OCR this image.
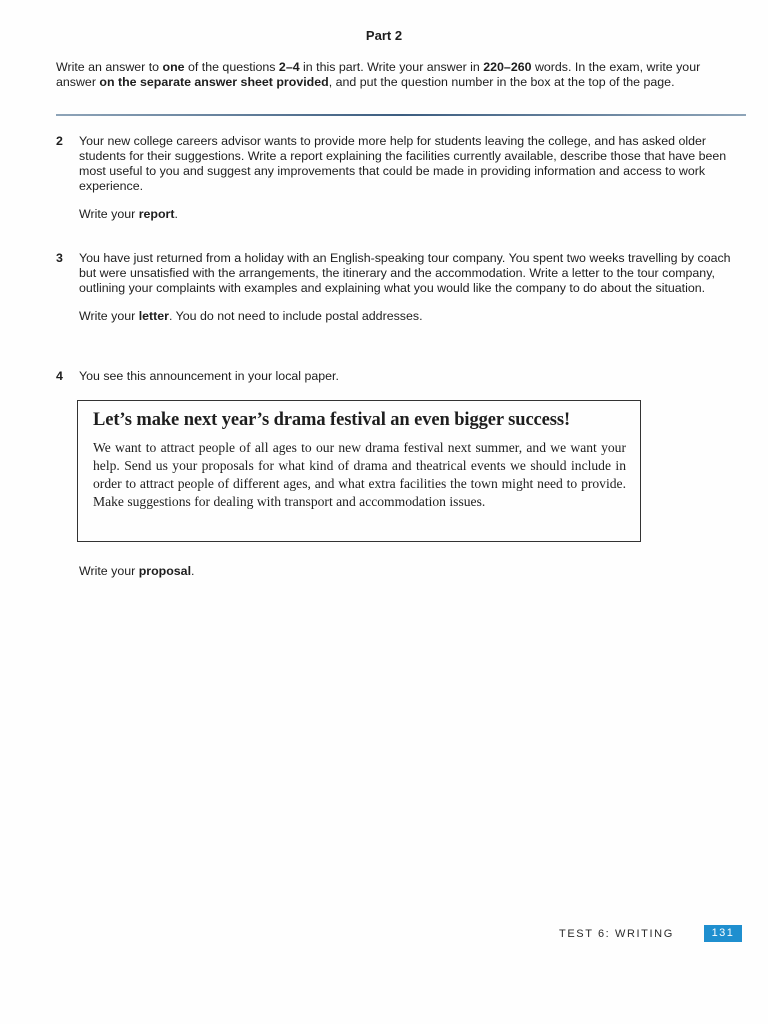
Part 2
Write an answer to one of the questions 2–4 in this part. Write your answer in 220–260 words. In the exam, write your answer on the separate answer sheet provided, and put the question number in the box at the top of the page.
2	Your new college careers advisor wants to provide more help for students leaving the college, and has asked older students for their suggestions. Write a report explaining the facilities currently available, describe those that have been most useful to you and suggest any improvements that could be made in providing information and access to work experience.

Write your report.

3	You have just returned from a holiday with an English-speaking tour company. You spent two weeks travelling by coach but were unsatisfied with the arrangements, the itinerary and the accommodation. Write a letter to the tour company, outlining your complaints with examples and explaining what you would like the company to do about the situation.

Write your letter. You do not need to include postal addresses.

4	You see this announcement in your local paper.

Let’s make next year’s drama festival an even bigger success!

We want to attract people of all ages to our new drama festival next summer, and we want your help. Send us your proposals for what kind of drama and theatrical events we should include in order to attract people of different ages, and what extra facilities the town might need to provide. Make suggestions for dealing with transport and accommodation issues.

Write your proposal.

TEST 6: WRITING	131
